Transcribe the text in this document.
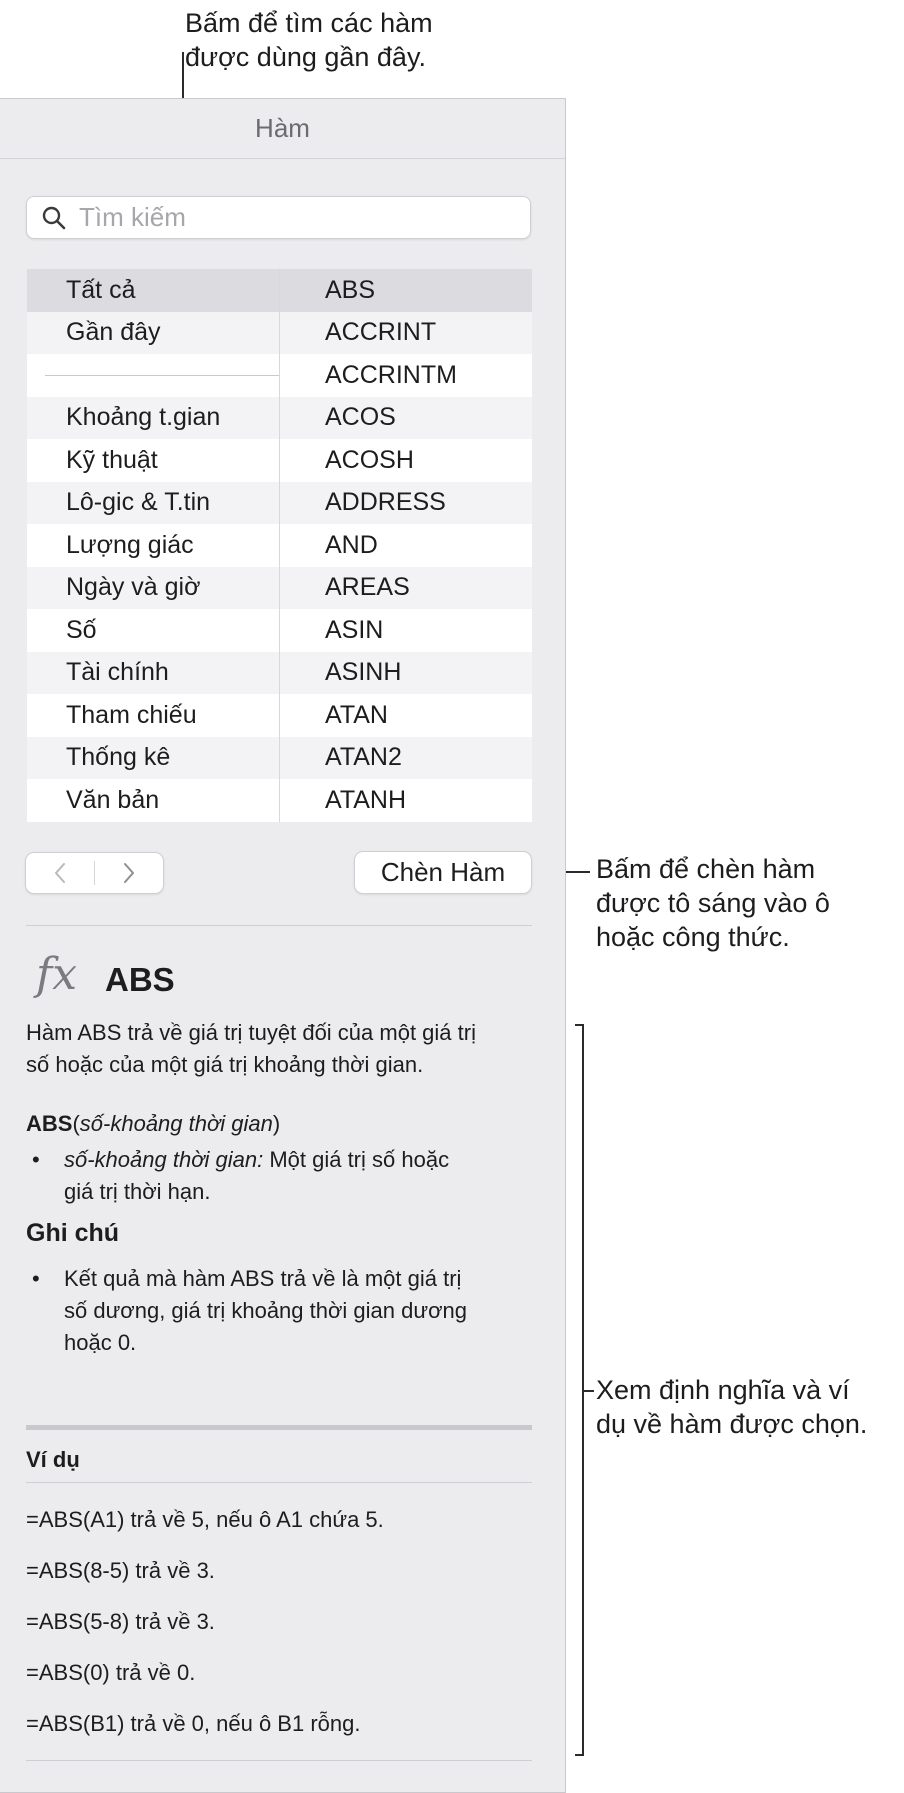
Bấm để tìm các hàm
được dùng gần đây.
Bấm để chèn hàm
được tô sáng vào ô
hoặc công thức.
Xem định nghĩa và ví
dụ về hàm được chọn.
Hàm
Tìm kiếm
Tất cả
Gần đây
Khoảng t.gian
Kỹ thuật
Lô-gic & T.tin
Lượng giác
Ngày và giờ
Số
Tài chính
Tham chiếu
Thống kê
Văn bản
ABS
ACCRINT
ACCRINTM
ACOS
ACOSH
ADDRESS
AND
AREAS
ASIN
ASINH
ATAN
ATAN2
ATANH
Chèn Hàm
fx ABS
Hàm ABS trả về giá trị tuyệt đối của một giá trị
số hoặc của một giá trị khoảng thời gian.
ABS(số-khoảng thời gian)
• số-khoảng thời gian: Một giá trị số hoặc
giá trị thời hạn.
Ghi chú
• Kết quả mà hàm ABS trả về là một giá trị
số dương, giá trị khoảng thời gian dương
hoặc 0.
Ví dụ
=ABS(A1) trả về 5, nếu ô A1 chứa 5.
=ABS(8-5) trả về 3.
=ABS(5-8) trả về 3.
=ABS(0) trả về 0.
=ABS(B1) trả về 0, nếu ô B1 rỗng.
